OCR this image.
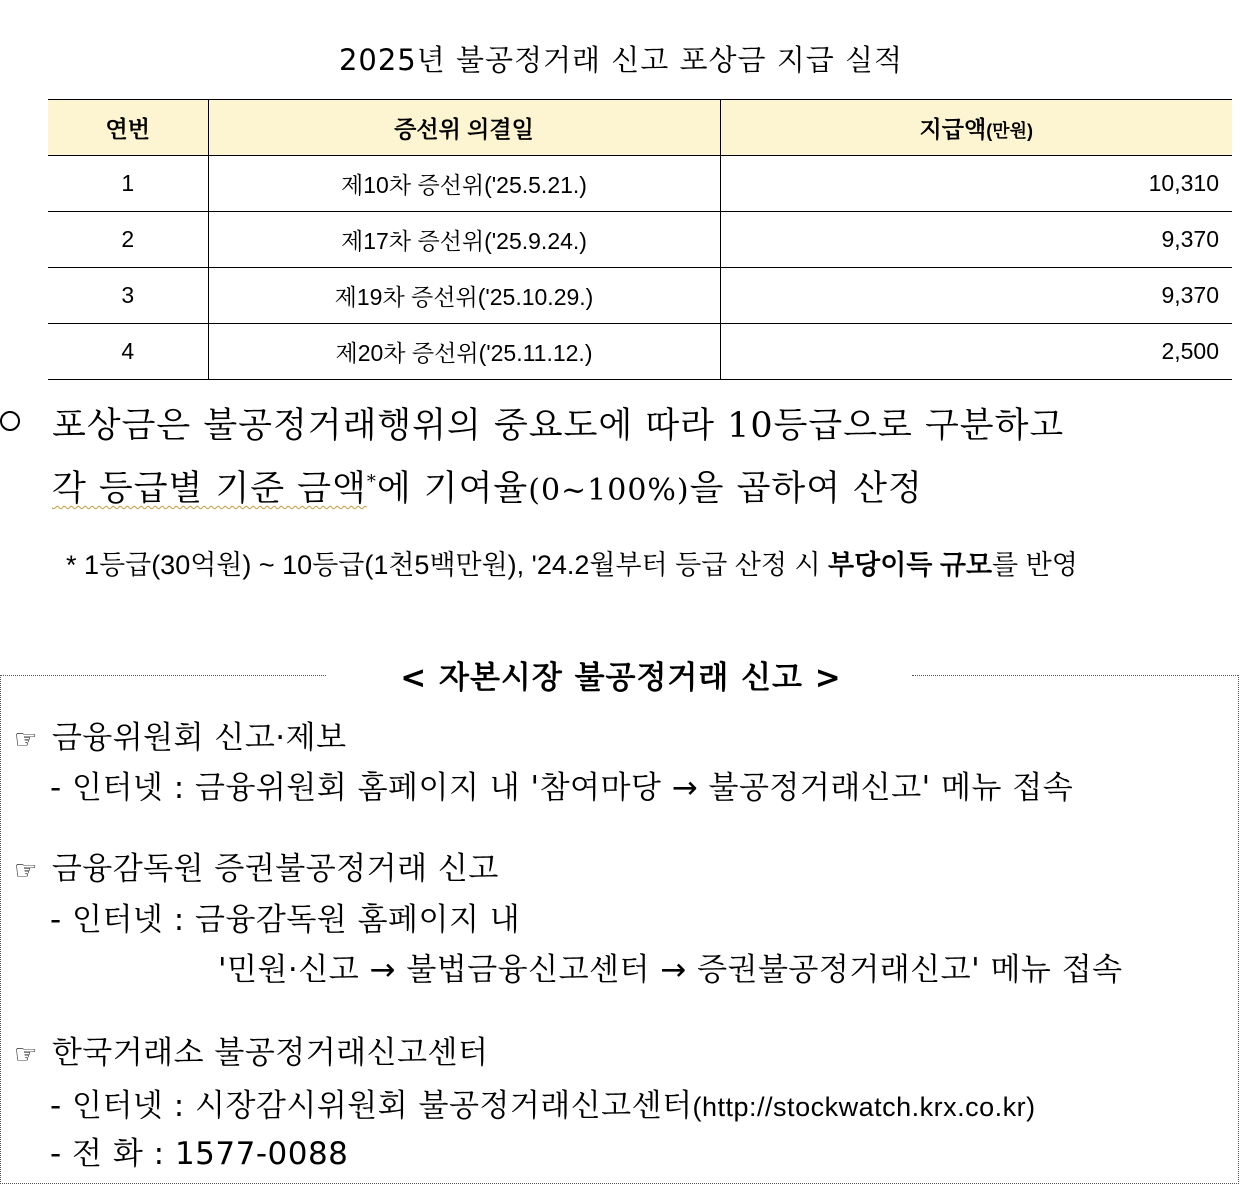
2025년 불공정거래 신고 포상금 지급 실적
연번	증선위 의결일	지급액(만원)
1	제10차 증선위('25.5.21.)	10,310
2	제17차 증선위('25.9.24.)	9,370
3	제19차 증선위('25.10.29.)	9,370
4	제20차 증선위('25.11.12.)	2,500
포상금은 불공정거래행위의 중요도에 따라 10등급으로 구분하고
각 등급별 기준 금액*에 기여율(0~100%)을 곱하여 산정
* 1등급(30억원) ~ 10등급(1천5백만원), '24.2월부터 등급 산정 시 부당이득 규모를 반영
< 자본시장 불공정거래 신고 >
☞ 금융위원회 신고·제보
- 인터넷 : 금융위원회 홈페이지 내 '참여마당 → 불공정거래신고' 메뉴 접속
☞ 금융감독원 증권불공정거래 신고
- 인터넷 : 금융감독원 홈페이지 내
'민원·신고 → 불법금융신고센터 → 증권불공정거래신고' 메뉴 접속
☞ 한국거래소 불공정거래신고센터
- 인터넷 : 시장감시위원회 불공정거래신고센터(http://stockwatch.krx.co.kr)
- 전 화 : 1577-0088
